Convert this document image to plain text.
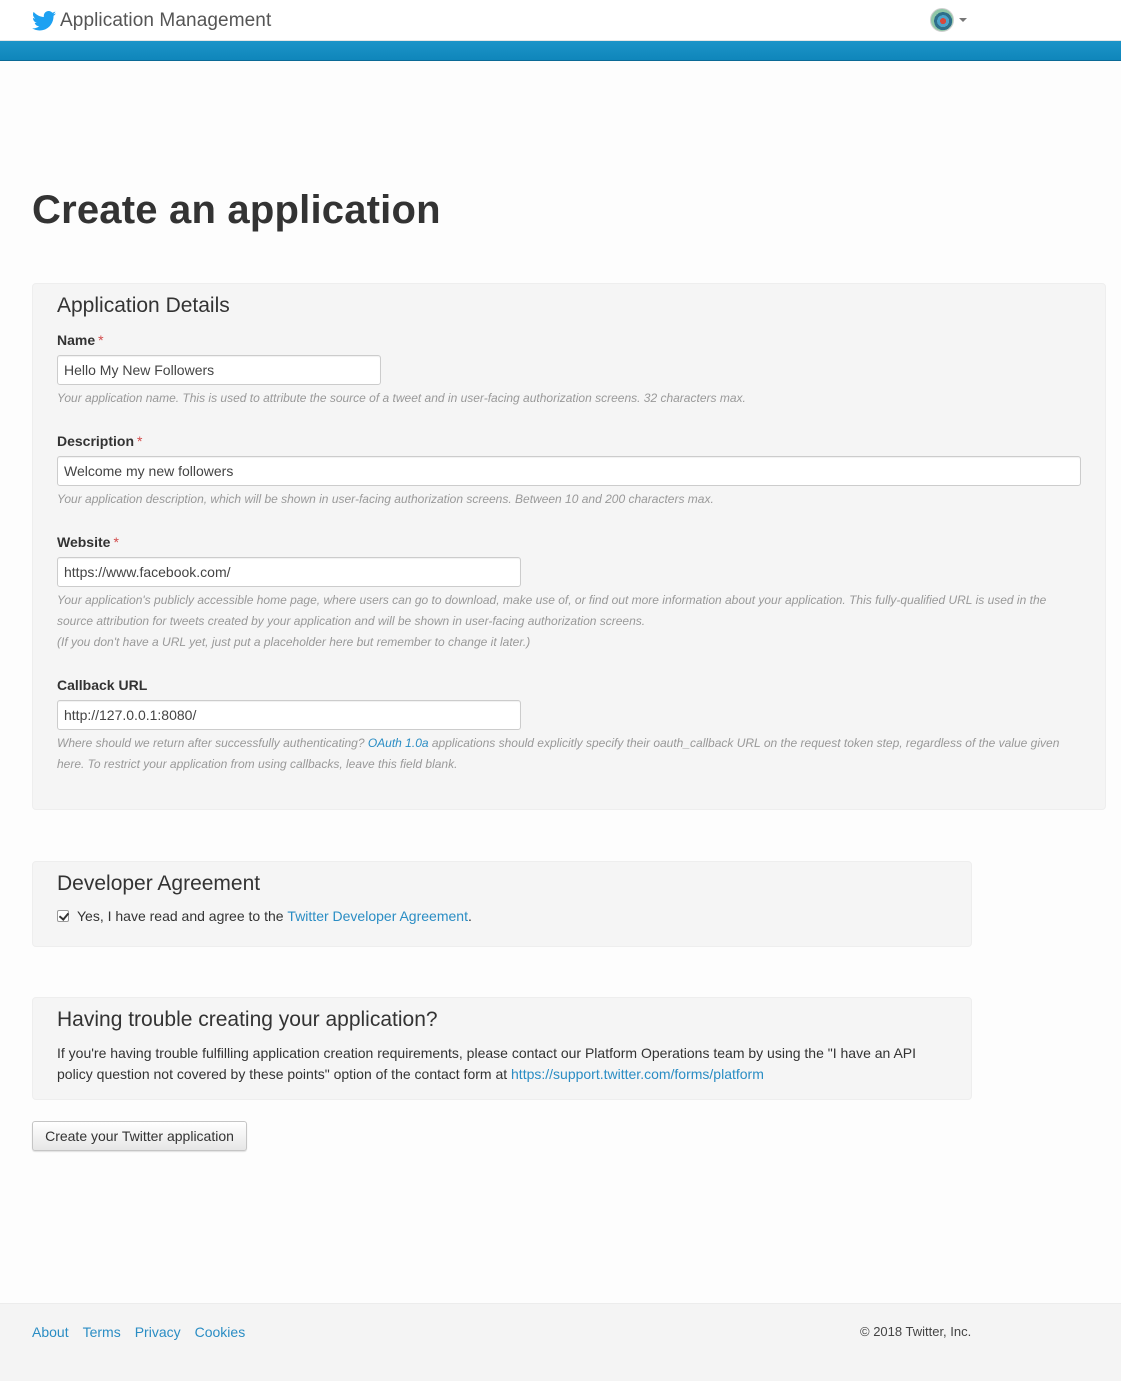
Application Management
Create an application
Application Details
Name *
Hello My New Followers
Your application name. This is used to attribute the source of a tweet and in user-facing authorization screens. 32 characters max.
Description *
Welcome my new followers
Your application description, which will be shown in user-facing authorization screens. Between 10 and 200 characters max.
Website *
https://www.facebook.com/
Your application's publicly accessible home page, where users can go to download, make use of, or find out more information about your application. This fully-qualified URL is used in the source attribution for tweets created by your application and will be shown in user-facing authorization screens.
(If you don't have a URL yet, just put a placeholder here but remember to change it later.)
Callback URL
http://127.0.0.1:8080/
Where should we return after successfully authenticating? OAuth 1.0a applications should explicitly specify their oauth_callback URL on the request token step, regardless of the value given here. To restrict your application from using callbacks, leave this field blank.
Developer Agreement
Yes, I have read and agree to the Twitter Developer Agreement .
Having trouble creating your application?
If you're having trouble fulfilling application creation requirements, please contact our Platform Operations team by using the "I have an API policy question not covered by these points" option of the contact form at https://support.twitter.com/forms/platform
Create your Twitter application
About Terms Privacy Cookies	© 2018 Twitter, Inc.
